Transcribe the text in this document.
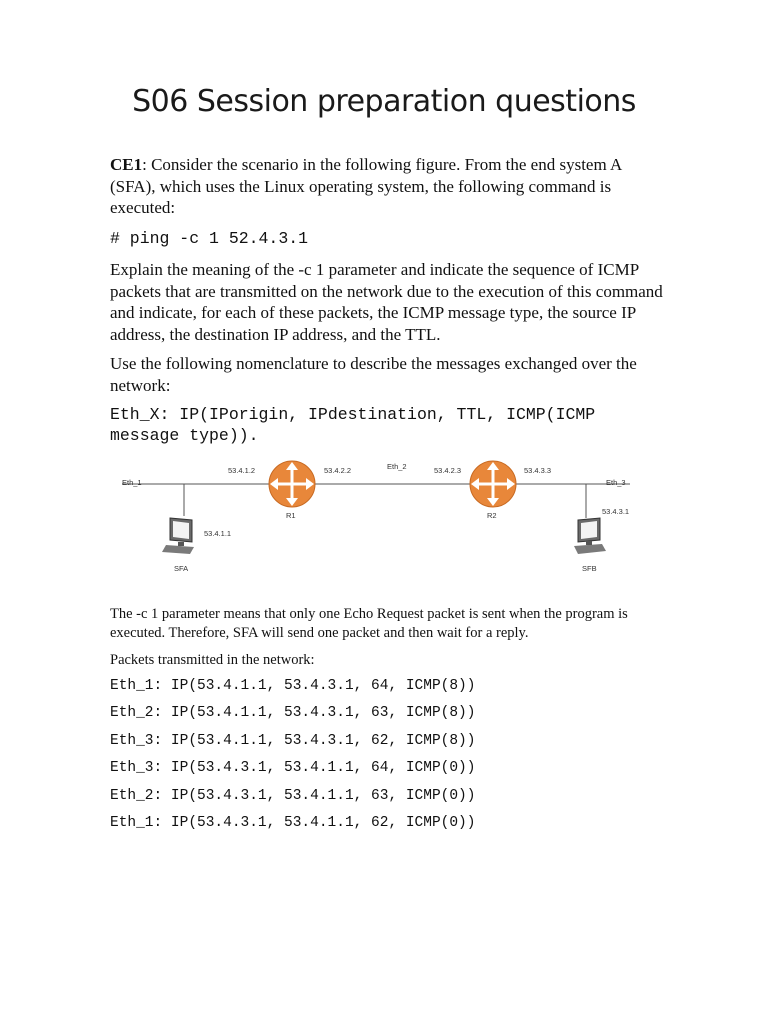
S06 Session preparation questions
CE1: Consider the scenario in the following figure. From the end system A (SFA), which uses the Linux operating system, the following command is executed:
# ping -c 1 52.4.3.1
Explain the meaning of the -c 1 parameter and indicate the sequence of ICMP packets that are transmitted on the network due to the execution of this command and indicate, for each of these packets, the ICMP message type, the source IP address, the destination IP address, and the TTL.
Use the following nomenclature to describe the messages exchanged over the network:
Eth_X: IP(IPorigin, IPdestination, TTL, ICMP(ICMP
message type)).
Eth_1
Eth_2
Eth_3
R1
53.4.1.2	53.4.2.2
R2
53.4.2.3	53.4.3.3
53.4.1.1
SFA
53.4.3.1
SFB
The -c 1 parameter means that only one Echo Request packet is sent when the program is executed. Therefore, SFA will send one packet and then wait for a reply.
Packets transmitted in the network:
Eth_1: IP(53.4.1.1, 53.4.3.1, 64, ICMP(8))
Eth_2: IP(53.4.1.1, 53.4.3.1, 63, ICMP(8))
Eth_3: IP(53.4.1.1, 53.4.3.1, 62, ICMP(8))
Eth_3: IP(53.4.3.1, 53.4.1.1, 64, ICMP(0))
Eth_2: IP(53.4.3.1, 53.4.1.1, 63, ICMP(0))
Eth_1: IP(53.4.3.1, 53.4.1.1, 62, ICMP(0))
